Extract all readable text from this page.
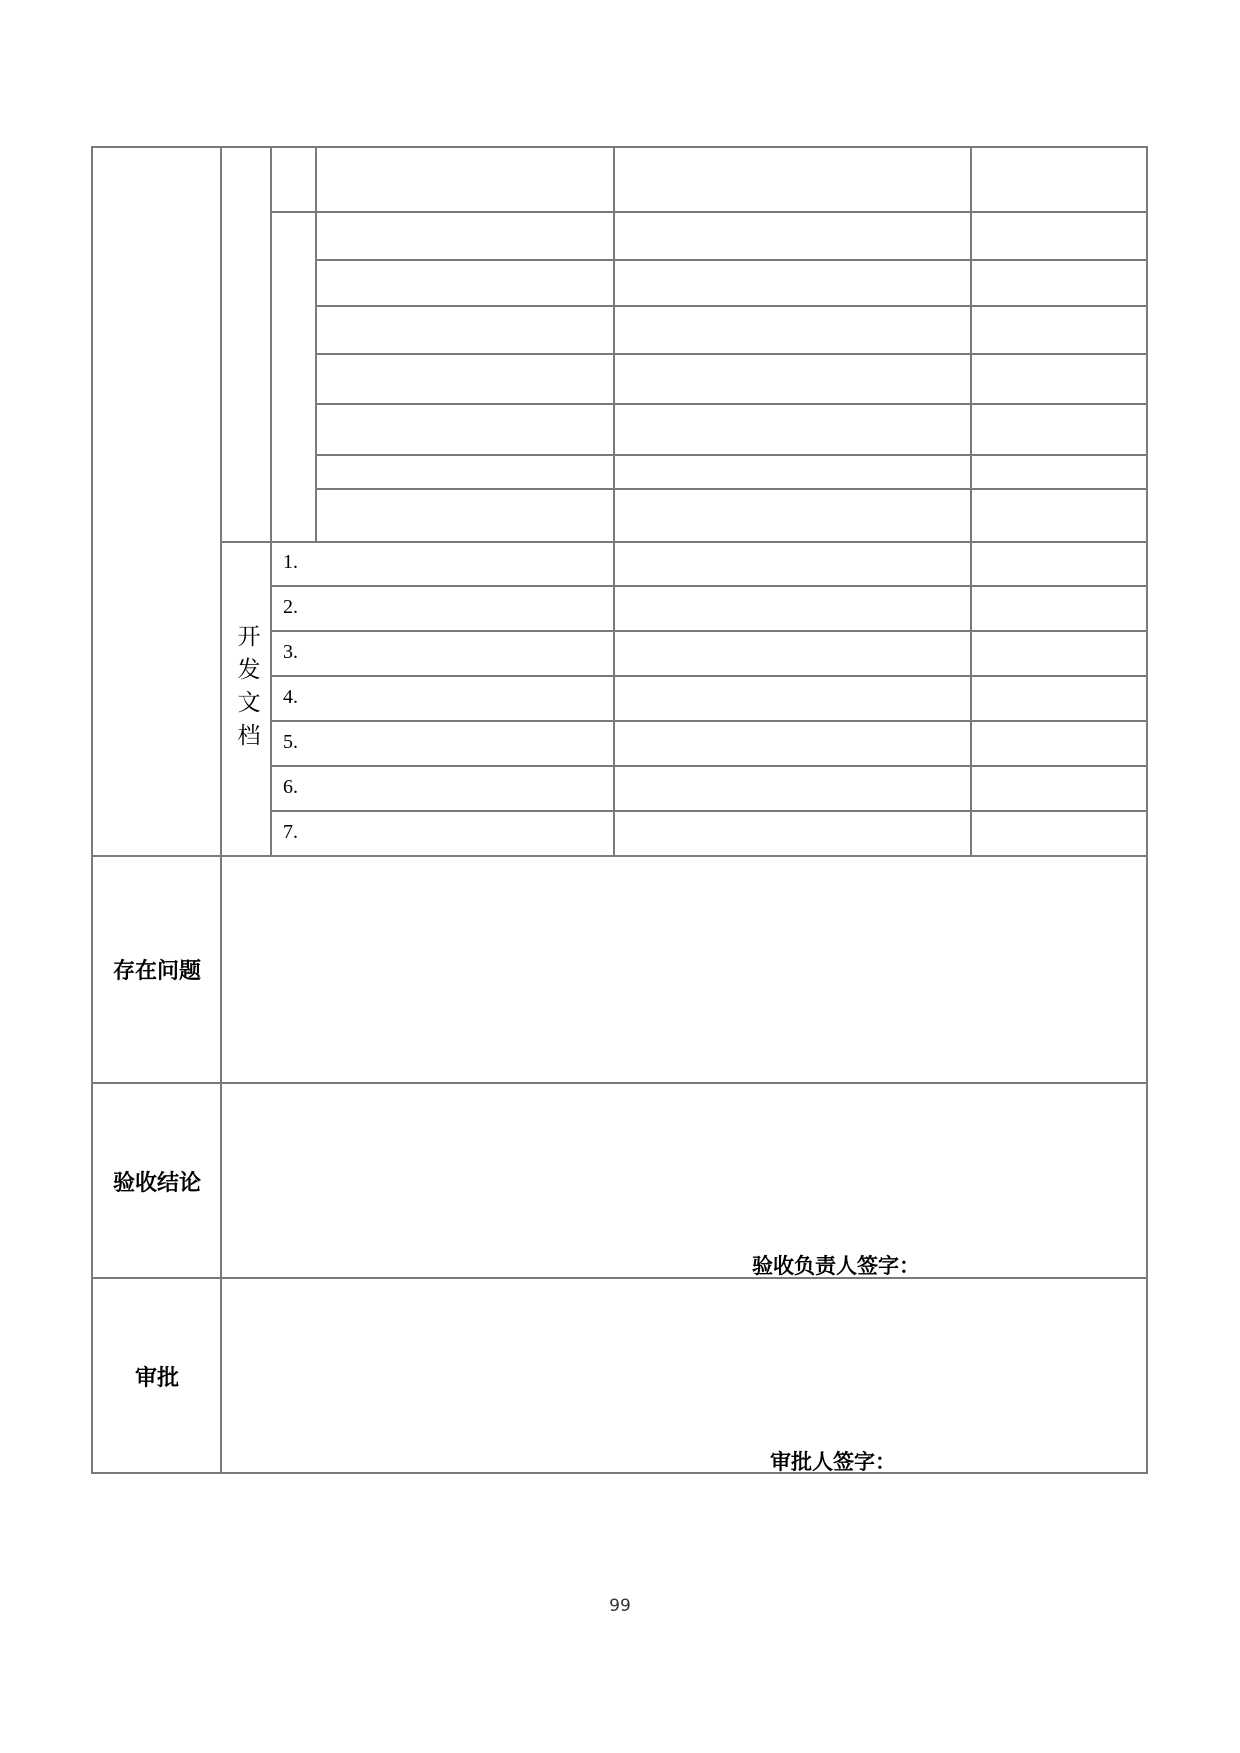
1.
2.
3.
4.
5.
6.
7.
开发文档
存在问题
验收结论
审批
验收负责人签字：
审批人签字：
99
